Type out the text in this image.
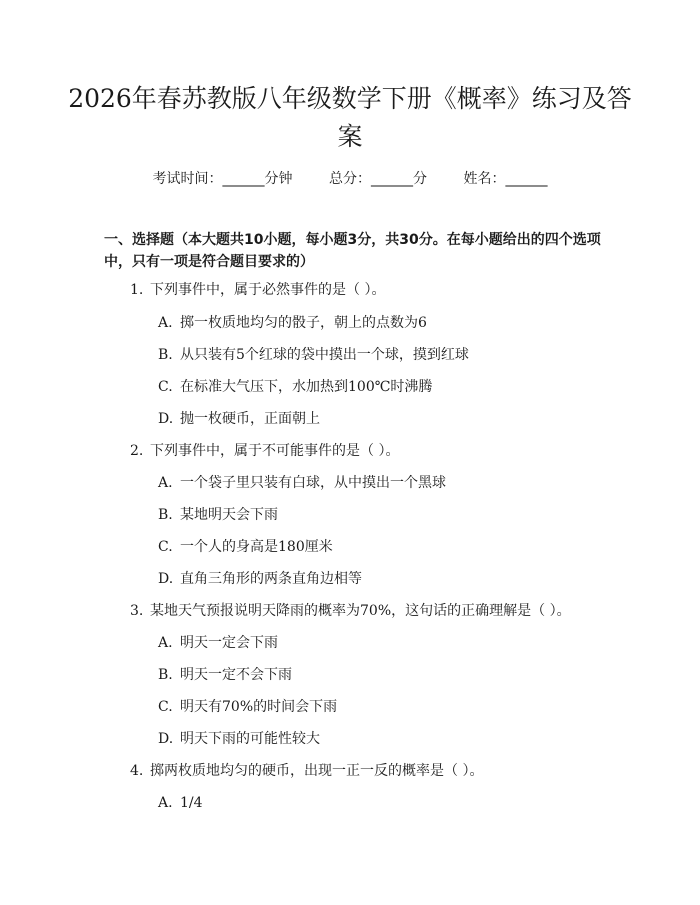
2026年春苏教版八年级数学下册《概率》练习及答案
考试时间：______分钟	总分：______分	姓名：______
一、选择题（本大题共10小题，每小题3分，共30分。在每小题给出的四个选项中，只有一项是符合题目要求的）
1. 下列事件中，属于必然事件的是（ ）。
A. 掷一枚质地均匀的骰子，朝上的点数为6
B. 从只装有5个红球的袋中摸出一个球，摸到红球
C. 在标准大气压下，水加热到100℃时沸腾
D. 抛一枚硬币，正面朝上
2. 下列事件中，属于不可能事件的是（ ）。
A. 一个袋子里只装有白球，从中摸出一个黑球
B. 某地明天会下雨
C. 一个人的身高是180厘米
D. 直角三角形的两条直角边相等
3. 某地天气预报说明天降雨的概率为70%，这句话的正确理解是（ ）。
A. 明天一定会下雨
B. 明天一定不会下雨
C. 明天有70%的时间会下雨
D. 明天下雨的可能性较大
4. 掷两枚质地均匀的硬币，出现一正一反的概率是（ ）。
A. 1/4
